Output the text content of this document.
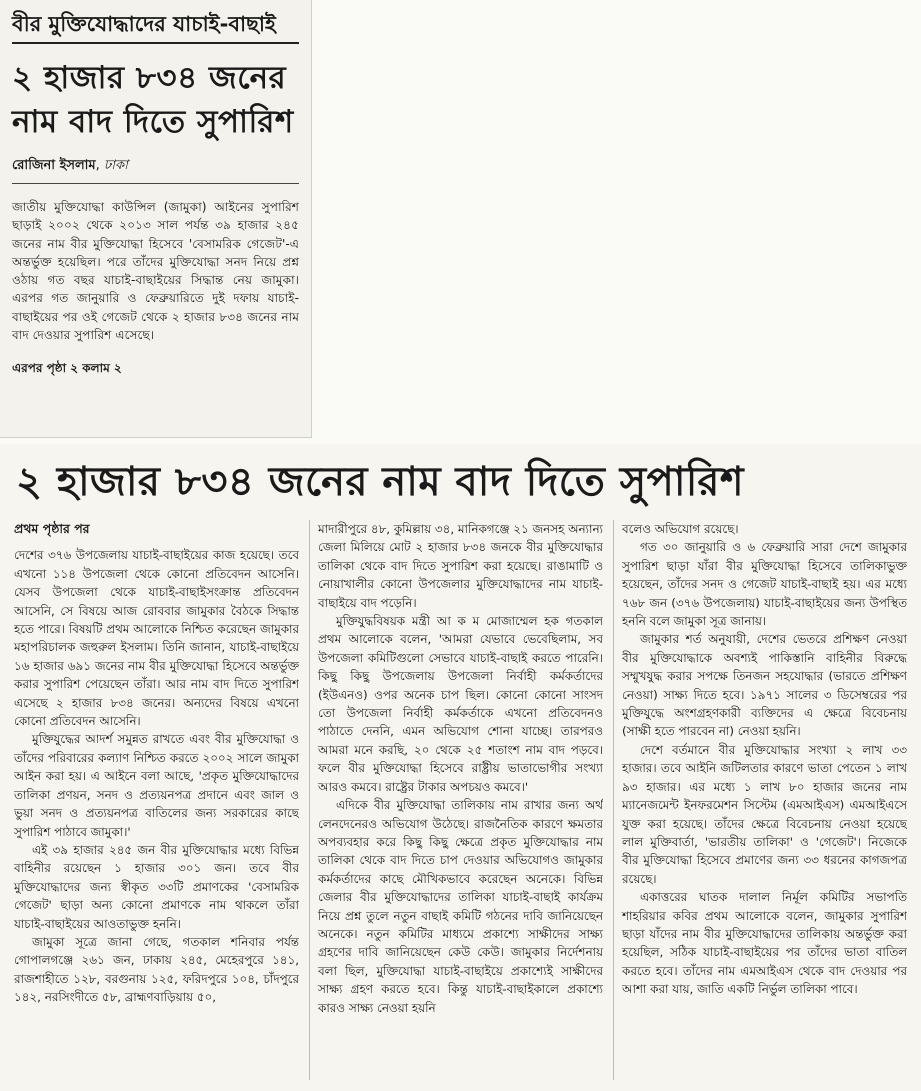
বীর মুক্তিযোদ্ধাদের যাচাই-বাছাই
২ হাজার ৮৩৪ জনের নাম বাদ দিতে সুপারিশ
রোজিনা ইসলাম, ঢাকা
জাতীয় মুক্তিযোদ্ধা কাউন্সিল (জামুকা) আইনের সুপারিশ ছাড়াই ২০০২ থেকে ২০১৩ সাল পর্যন্ত ৩৯ হাজার ২৪৫ জনের নাম বীর মুক্তিযোদ্ধা হিসেবে 'বেসামরিক গেজেট'-এ অন্তর্ভুক্ত হয়েছিল। পরে তাঁদের মুক্তিযোদ্ধা সনদ নিয়ে প্রশ্ন ওঠায় গত বছর যাচাই-বাছাইয়ের সিদ্ধান্ত নেয় জামুকা। এরপর গত জানুয়ারি ও ফেব্রুয়ারিতে দুই দফায় যাচাই-বাছাইয়ের পর ওই গেজেট থেকে ২ হাজার ৮৩৪ জনের নাম বাদ দেওয়ার সুপারিশ এসেছে।
এরপর পৃষ্ঠা ২ কলাম ২
২ হাজার ৮৩৪ জনের নাম বাদ দিতে সুপারিশ
প্রথম পৃষ্ঠার পর

দেশের ৩৭৬ উপজেলায় যাচাই-বাছাইয়ের কাজ হয়েছে। তবে এখনো ১১৪ উপজেলা থেকে কোনো প্রতিবেদন আসেনি। যেসব উপজেলা থেকে যাচাই-বাছাইসংক্রান্ত প্রতিবেদন আসেনি, সে বিষয়ে আজ রোববার জামুকার বৈঠকে সিদ্ধান্ত হতে পারে। বিষয়টি প্রথম আলোকে নিশ্চিত করেছেন জামুকার মহাপরিচালক জহুরুল ইসলাম। তিনি জানান, যাচাই-বাছাইয়ে ১৬ হাজার ৬৯১ জনের নাম বীর মুক্তিযোদ্ধা হিসেবে অন্তর্ভুক্ত করার সুপারিশ পেয়েছেন তাঁরা। আর নাম বাদ দিতে সুপারিশ এসেছে ২ হাজার ৮৩৪ জনের। অন্যদের বিষয়ে এখনো কোনো প্রতিবেদন আসেনি।

মুক্তিযুদ্ধের আদর্শ সমুন্নত রাখতে এবং বীর মুক্তিযোদ্ধা ও তাঁদের পরিবারের কল্যাণ নিশ্চিত করতে ২০০২ সালে জামুকা আইন করা হয়। এ আইনে বলা আছে, 'প্রকৃত মুক্তিযোদ্ধাদের তালিকা প্রণয়ন, সনদ ও প্রত্যয়নপত্র প্রদানে এবং জাল ও ভুয়া সনদ ও প্রত্যয়নপত্র বাতিলের জন্য সরকারের কাছে সুপারিশ পাঠাবে জামুকা।'

এই ৩৯ হাজার ২৪৫ জন বীর মুক্তিযোদ্ধার মধ্যে বিভিন্ন বাহিনীর রয়েছেন ১ হাজার ৩০১ জন। তবে বীর মুক্তিযোদ্ধাদের জন্য স্বীকৃত ৩৩টি প্রমাণকের 'বেসামরিক গেজেট' ছাড়া অন্য কোনো প্রমাণকে নাম থাকলে তাঁরা যাচাই-বাছাইয়ের আওতাভুক্ত হননি।

জামুকা সূত্রে জানা গেছে, গতকাল শনিবার পর্যন্ত গোপালগঞ্জে ২৬১ জন, ঢাকায় ২৪৫, মেহেরপুরে ১৪১, রাজশাহীতে ১২৮, বরগুনায় ১২৫, ফরিদপুরে ১০৪, চাঁদপুরে ১৪২, নরসিংদীতে ৫৮, ব্রাহ্মণবাড়িয়ায় ৫০,

মাদারীপুরে ৪৮, কুমিল্লায় ৩৪, মানিকগঞ্জে ২১ জনসহ অন্যান্য জেলা মিলিয়ে মোট ২ হাজার ৮৩৪ জনকে বীর মুক্তিযোদ্ধার তালিকা থেকে বাদ দিতে সুপারিশ করা হয়েছে। রাঙামাটি ও নোয়াখালীর কোনো উপজেলার মুক্তিযোদ্ধাদের নাম যাচাই-বাছাইয়ে বাদ পড়েনি।

মুক্তিযুদ্ধবিষয়ক মন্ত্রী আ ক ম মোজাম্মেল হক গতকাল প্রথম আলোকে বলেন, 'আমরা যেভাবে ভেবেছিলাম, সব উপজেলা কমিটিগুলো সেভাবে যাচাই-বাছাই করতে পারেনি। কিছু কিছু উপজেলায় উপজেলা নির্বাহী কর্মকর্তাদের (ইউএনও) ওপর অনেক চাপ ছিল। কোনো কোনো সাংসদ তো উপজেলা নির্বাহী কর্মকর্তাকে এখনো প্রতিবেদনও পাঠাতে দেননি, এমন অভিযোগ শোনা যাচ্ছে। তারপরও আমরা মনে করছি, ২০ থেকে ২৫ শতাংশ নাম বাদ পড়বে। ফলে বীর মুক্তিযোদ্ধা হিসেবে রাষ্ট্রীয় ভাতাভোগীর সংখ্যা আরও কমবে। রাষ্ট্রের টাকার অপচয়ও কমবে।'

এদিকে বীর মুক্তিযোদ্ধা তালিকায় নাম রাখার জন্য অর্থ লেনদেনেরও অভিযোগ উঠেছে। রাজনৈতিক কারণে ক্ষমতার অপব্যবহার করে কিছু কিছু ক্ষেত্রে প্রকৃত মুক্তিযোদ্ধার নাম তালিকা থেকে বাদ দিতে চাপ দেওয়ার অভিযোগও জামুকার কর্মকর্তাদের কাছে মৌখিকভাবে করেছেন অনেকে। বিভিন্ন জেলার বীর মুক্তিযোদ্ধাদের তালিকা যাচাই-বাছাই কার্যক্রম নিয়ে প্রশ্ন তুলে নতুন বাছাই কমিটি গঠনের দাবি জানিয়েছেন অনেকে। নতুন কমিটির মাধ্যমে প্রকাশ্যে সাক্ষীদের সাক্ষ্য গ্রহণের দাবি জানিয়েছেন কেউ কেউ। জামুকার নির্দেশনায় বলা ছিল, মুক্তিযোদ্ধা যাচাই-বাছাইয়ে প্রকাশ্যেই সাক্ষীদের সাক্ষ্য গ্রহণ করতে হবে। কিন্তু যাচাই-বাছাইকালে প্রকাশ্যে কারও সাক্ষ্য নেওয়া হয়নি

বলেও অভিযোগ রয়েছে।

গত ৩০ জানুয়ারি ও ৬ ফেব্রুয়ারি সারা দেশে জামুকার সুপারিশ ছাড়া যাঁরা বীর মুক্তিযোদ্ধা হিসেবে তালিকাভুক্ত হয়েছেন, তাঁদের সনদ ও গেজেট যাচাই-বাছাই হয়। এর মধ্যে ৭৬৮ জন (৩৭৬ উপজেলায়) যাচাই-বাছাইয়ের জন্য উপস্থিত হননি বলে জামুকা সূত্র জানায়।

জামুকার শর্ত অনুযায়ী, দেশের ভেতরে প্রশিক্ষণ নেওয়া বীর মুক্তিযোদ্ধাকে অবশ্যই পাকিস্তানি বাহিনীর বিরুদ্ধে সম্মুখযুদ্ধ করার সপক্ষে তিনজন সহযোদ্ধার (ভারতে প্রশিক্ষণ নেওয়া) সাক্ষ্য দিতে হবে। ১৯৭১ সালের ৩ ডিসেম্বরের পর মুক্তিযুদ্ধে অংশগ্রহণকারী ব্যক্তিদের এ ক্ষেত্রে বিবেচনায় (সাক্ষী হতে পারবেন না) নেওয়া হয়নি।

দেশে বর্তমানে বীর মুক্তিযোদ্ধার সংখ্যা ২ লাখ ৩৩ হাজার। তবে আইনি জটিলতার কারণে ভাতা পেতেন ১ লাখ ৯৩ হাজার। এর মধ্যে ১ লাখ ৮০ হাজার জনের নাম ম্যানেজমেন্ট ইনফরমেশন সিস্টেম (এমআইএস) এমআইএসে যুক্ত করা হয়েছে। তাঁদের ক্ষেত্রে বিবেচনায় নেওয়া হয়েছে লাল মুক্তিবার্তা, 'ভারতীয় তালিকা' ও 'গেজেট'। নিজেকে বীর মুক্তিযোদ্ধা হিসেবে প্রমাণের জন্য ৩৩ ধরনের কাগজপত্র রয়েছে।

একাত্তরের ঘাতক দালাল নির্মূল কমিটির সভাপতি শাহরিয়ার কবির প্রথম আলোকে বলেন, জামুকার সুপারিশ ছাড়া যাঁদের নাম বীর মুক্তিযোদ্ধাদের তালিকায় অন্তর্ভুক্ত করা হয়েছিল, সঠিক যাচাই-বাছাইয়ের পর তাঁদের ভাতা বাতিল করতে হবে। তাঁদের নাম এমআইএস থেকে বাদ দেওয়ার পর আশা করা যায়, জাতি একটি নির্ভুল তালিকা পাবে।
